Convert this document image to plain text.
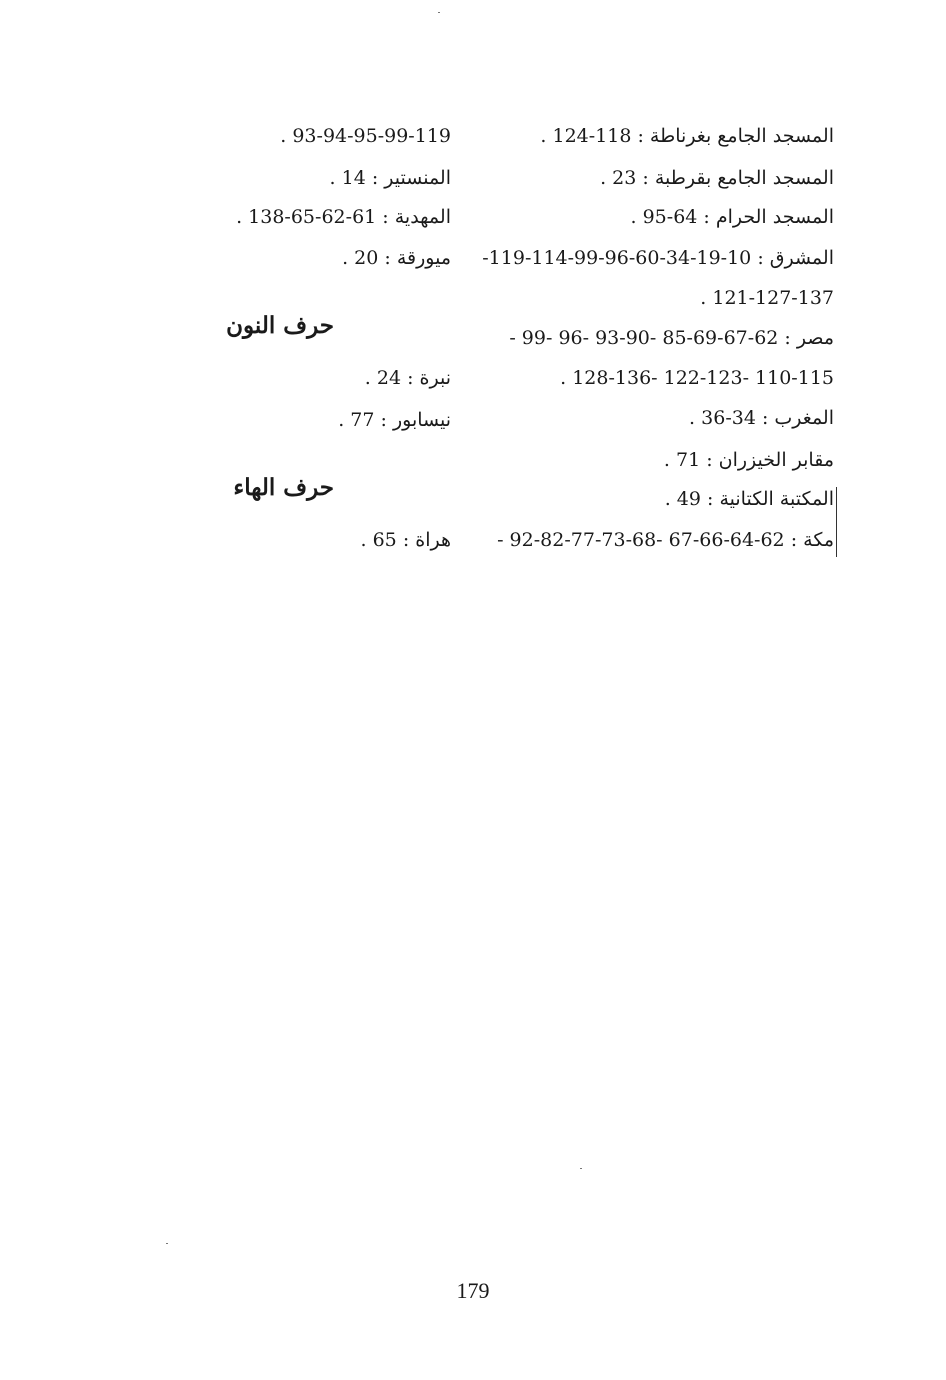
المسجد الجامع بغرناطة : 118-124 .
المسجد الجامع بقرطبة : 23 .
المسجد الحرام : 64-95 .
المشرق : 10-19-34-60-96-99-114-119-
121-127-137 .
مصر : 62-67-69-85 -90-93 -96 -99 -
110-115 -122-123 -128-136 .
المغرب : 34-36 .
مقابر الخيزران : 71 .
المكتبة الكتانية : 49 .
مكة : 62-64-66-67 -68-73-77-82-92 -
93-94-95-99-119 .
المنستير : 14 .
المهدية : 61-62-65-138 .
ميورقة : 20 .
حرف النون
نبرة : 24 .
نيسابور : 77 .
حرف الهاء
هراة : 65 .
179
